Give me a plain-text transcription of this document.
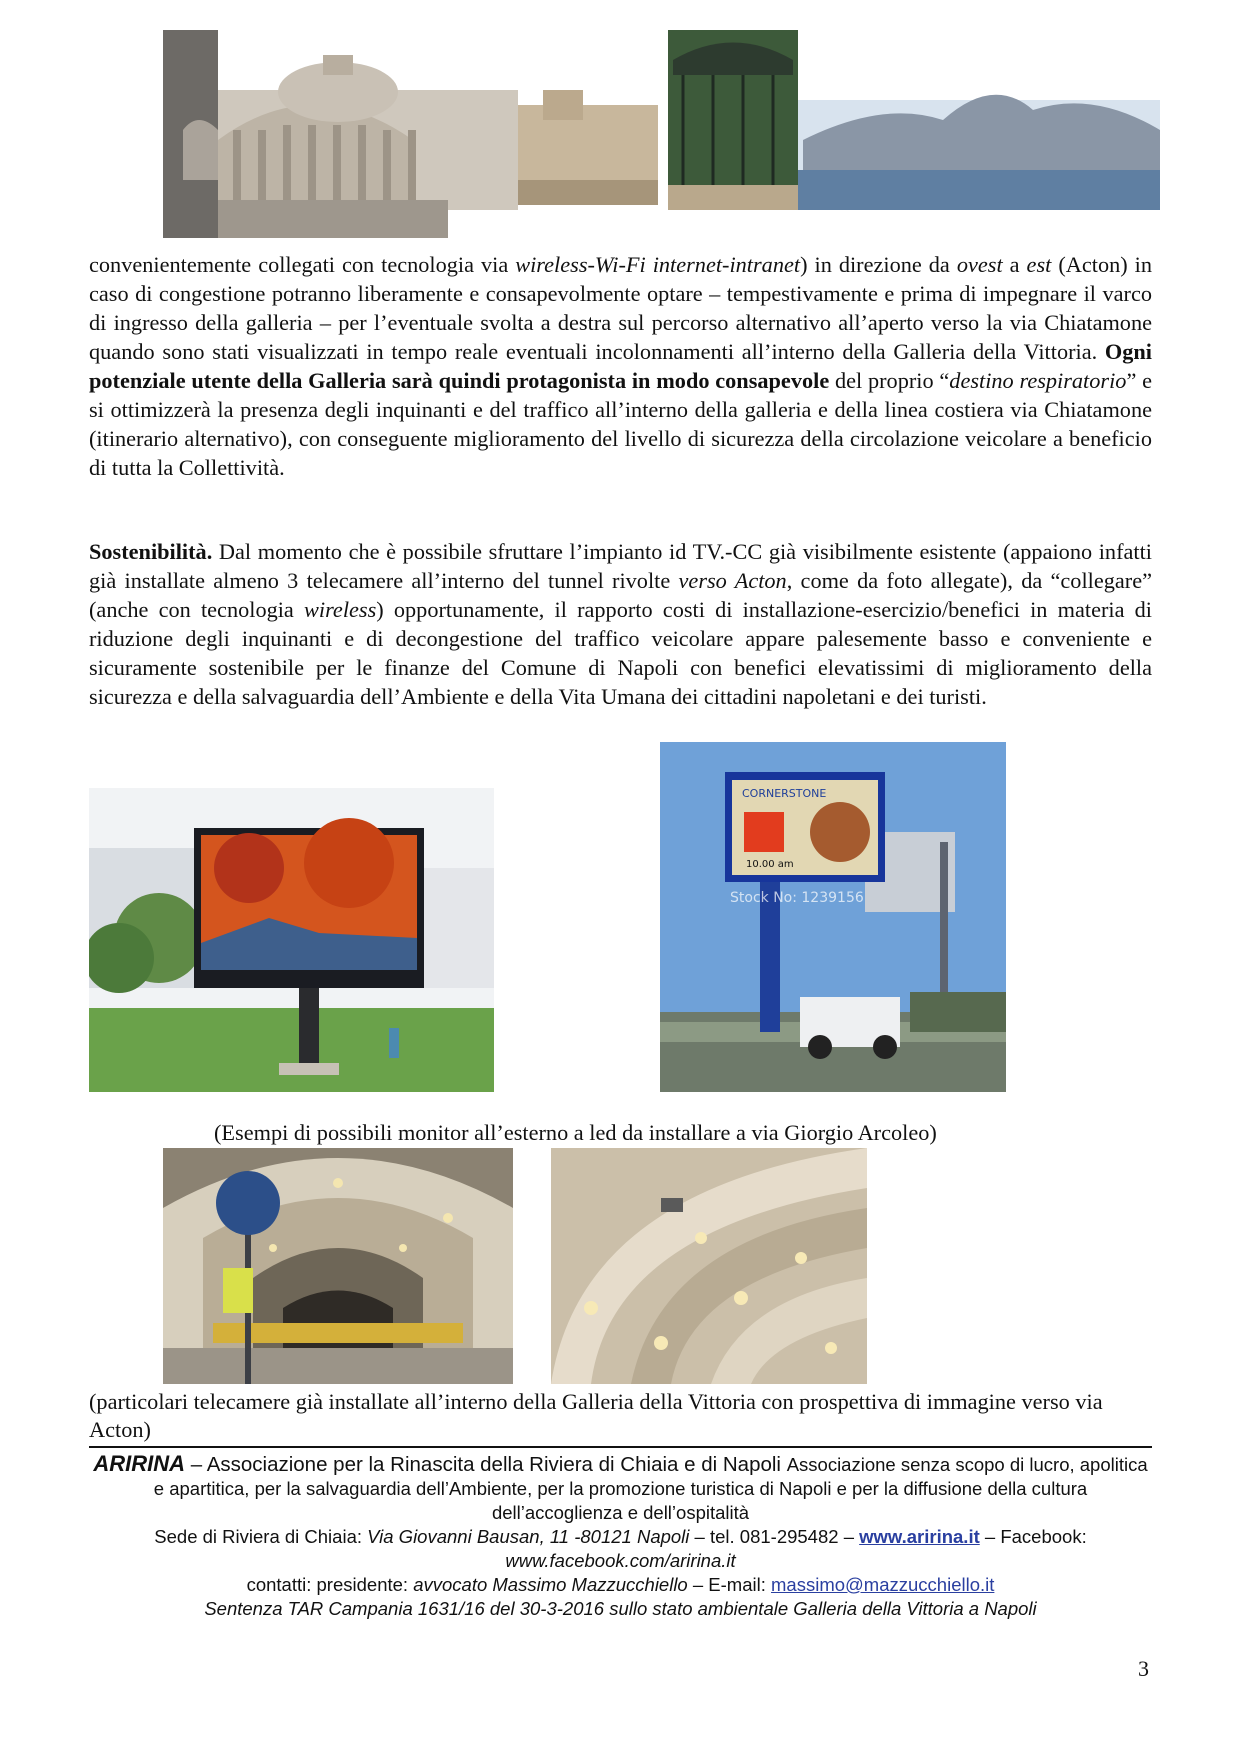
convenientemente collegati con tecnologia via wireless-Wi-Fi internet-intranet) in direzione da ovest a est (Acton) in caso di congestione potranno liberamente e consapevolmente optare – tempestivamente e prima di impegnare il varco di ingresso della galleria – per l’eventuale svolta a destra sul percorso alternativo all’aperto verso la via Chiatamone quando sono stati visualizzati in tempo reale eventuali incolonnamenti all’interno della Galleria della Vittoria. Ogni potenziale utente della Galleria sarà quindi protagonista in modo consapevole del proprio “destino respiratorio” e si ottimizzerà la presenza degli inquinanti e del traffico all’interno della galleria e della linea costiera via Chiatamone (itinerario alternativo), con conseguente miglioramento del livello di sicurezza della circolazione veicolare a beneficio di tutta la Collettività.
Sostenibilità. Dal momento che è possibile sfruttare l’impianto id TV.-CC già visibilmente esistente (appaiono infatti già installate almeno 3 telecamere all’interno del tunnel rivolte verso Acton, come da foto allegate), da “collegare” (anche con tecnologia wireless) opportunamente, il rapporto costi di installazione-esercizio/benefici in materia di riduzione degli inquinanti e di decongestione del traffico veicolare appare palesemente basso e conveniente e sicuramente sostenibile per le finanze del Comune di Napoli con benefici elevatissimi di miglioramento della sicurezza e della salvaguardia dell’Ambiente e della Vita Umana dei cittadini napoletani e dei turisti.
CORNERSTONE
10.00 am
Stock No: 1239156
(Esempi di possibili monitor all’esterno a led da installare a via Giorgio Arcoleo)
(particolari telecamere già installate all’interno della Galleria della Vittoria con prospettiva di immagine verso via Acton)
ARIRINA – Associazione per la Rinascita della Riviera di Chiaia e di Napoli Associazione senza scopo di lucro, apolitica e apartitica, per la salvaguardia dell’Ambiente, per la promozione turistica di Napoli e per la diffusione della cultura dell’accoglienza e dell’ospitalità
Sede di Riviera di Chiaia: Via Giovanni Bausan, 11 -80121 Napoli – tel. 081-295482 – www.aririna.it – Facebook:
www.facebook.com/aririna.it
contatti: presidente: avvocato Massimo Mazzucchiello – E-mail: massimo@mazzucchiello.it
Sentenza TAR Campania 1631/16 del 30-3-2016 sullo stato ambientale Galleria della Vittoria a Napoli
3
